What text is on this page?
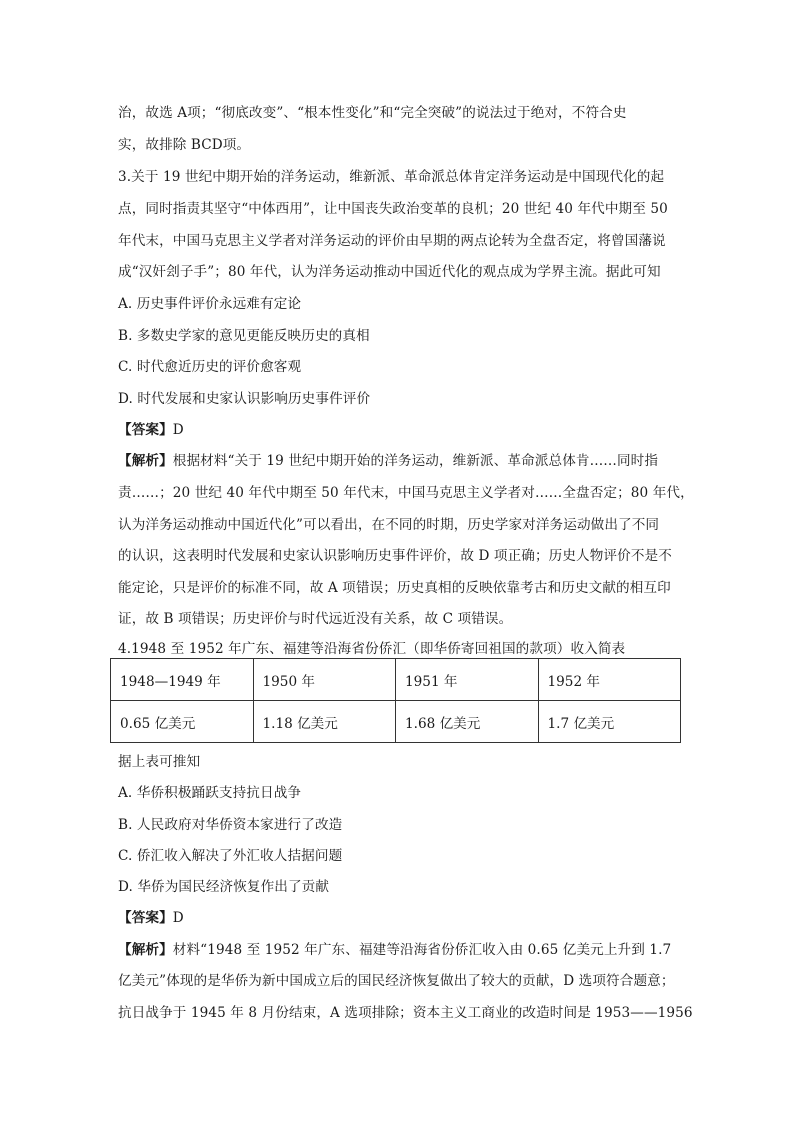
治，故选 A项；“彻底改变”、“根本性变化”和“完全突破”的说法过于绝对，不符合史
实，故排除 BCD项。
3.关于 19 世纪中期开始的洋务运动，维新派、革命派总体肯定洋务运动是中国现代化的起
点，同时指责其坚守“中体西用”，让中国丧失政治变革的良机；20 世纪 40 年代中期至 50
年代末，中国马克思主义学者对洋务运动的评价由早期的两点论转为全盘否定，将曾国藩说
成“汉奸刽子手”；80 年代，认为洋务运动推动中国近代化的观点成为学界主流。据此可知
A. 历史事件评价永远难有定论
B. 多数史学家的意见更能反映历史的真相
C. 时代愈近历史的评价愈客观
D. 时代发展和史家认识影响历史事件评价
【答案】D
【解析】根据材料“关于 19 世纪中期开始的洋务运动，维新派、革命派总体肯……同时指
责……；20 世纪 40 年代中期至 50 年代末，中国马克思主义学者对……全盘否定；80 年代，
认为洋务运动推动中国近代化”可以看出，在不同的时期，历史学家对洋务运动做出了不同
的认识，这表明时代发展和史家认识影响历史事件评价，故 D 项正确；历史人物评价不是不
能定论，只是评价的标准不同，故 A 项错误；历史真相的反映依靠考古和历史文献的相互印
证，故 B 项错误；历史评价与时代远近没有关系，故 C 项错误。
4.1948 至 1952 年广东、福建等沿海省份侨汇（即华侨寄回祖国的款项）收入简表
1948—1949 年	1950 年	1951 年	1952 年
0.65 亿美元	1.18 亿美元	1.68 亿美元	1.7 亿美元
据上表可推知
A. 华侨积极踊跃支持抗日战争
B. 人民政府对华侨资本家进行了改造
C. 侨汇收入解决了外汇收人拮据问题
D. 华侨为国民经济恢复作出了贡献
【答案】D
【解析】材料“1948 至 1952 年广东、福建等沿海省份侨汇收入由 0.65 亿美元上升到 1.7
亿美元”体现的是华侨为新中国成立后的国民经济恢复做出了较大的贡献，D 选项符合题意；
抗日战争于 1945 年 8 月份结束，A 选项排除；资本主义工商业的改造时间是 1953——1956
